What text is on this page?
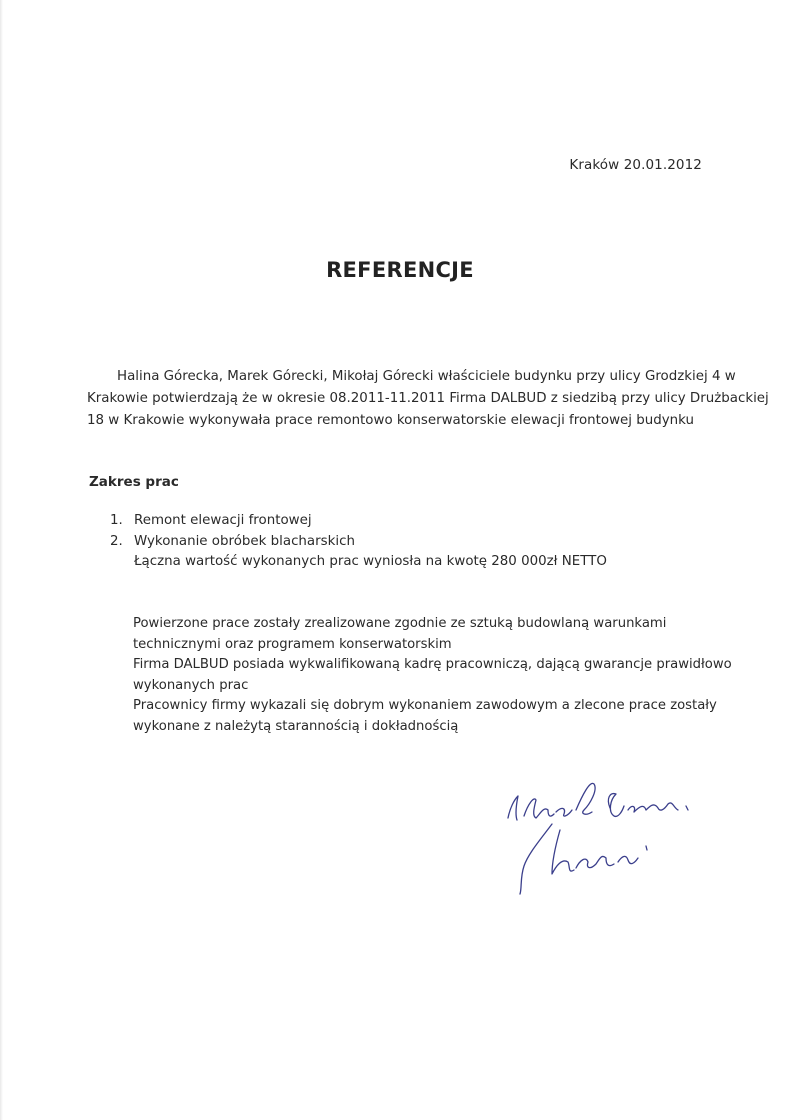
Kraków 20.01.2012
REFERENCJE
Halina Górecka, Marek Górecki, Mikołaj Górecki właściciele budynku przy ulicy Grodzkiej 4 w
Krakowie potwierdzają że w okresie 08.2011-11.2011 Firma DALBUD z siedzibą przy ulicy Drużbackiej
18 w Krakowie wykonywała prace remontowo konserwatorskie elewacji frontowej budynku
Zakres prac
1. Remont elewacji frontowej
2. Wykonanie obróbek blacharskich
Łączna wartość wykonanych prac wyniosła na kwotę 280 000zł NETTO
Powierzone prace zostały zrealizowane zgodnie ze sztuką budowlaną warunkami
technicznymi oraz programem konserwatorskim
Firma DALBUD posiada wykwalifikowaną kadrę pracowniczą, dającą gwarancje prawidłowo
wykonanych prac
Pracownicy firmy wykazali się dobrym wykonaniem zawodowym a zlecone prace zostały
wykonane z należytą starannością i dokładnością
